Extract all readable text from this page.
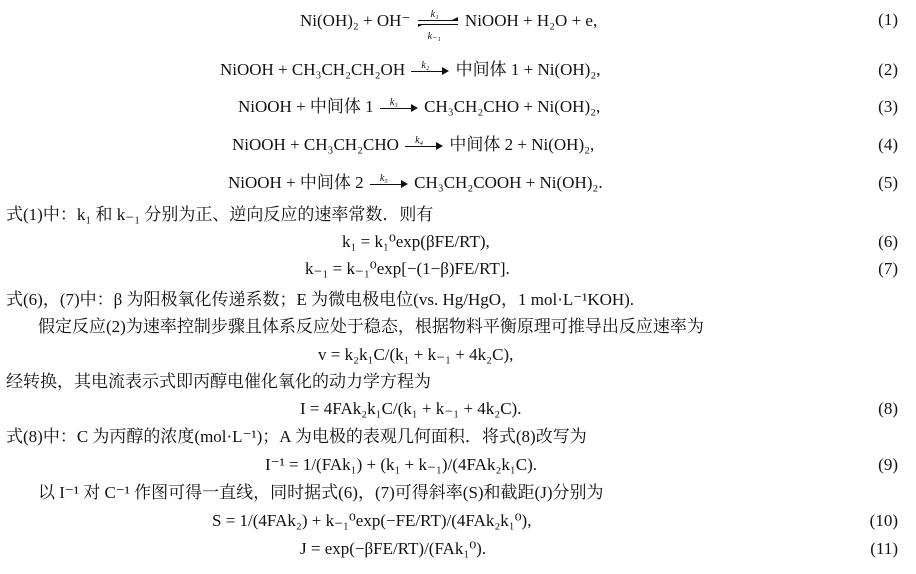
Ni(OH)₂ + OH⁻ k₁
k₋₁
NiOOH + H₂O + e,	(1)
NiOOH + CH₃CH₂CH₂OH k₂ 中间体 1 + Ni(OH)₂,	(2)
NiOOH + 中间体 1 k₃ CH₃CH₂CHO + Ni(OH)₂,	(3)
NiOOH + CH₃CH₂CHO k₄ 中间体 2 + Ni(OH)₂,	(4)
NiOOH + 中间体 2 k₅ CH₃CH₂COOH + Ni(OH)₂.	(5)
式(1)中：k₁ 和 k₋₁ 分别为正、逆向反应的速率常数．则有
k₁ = k₁⁰exp(βFE/RT),	(6)
k₋₁ = k₋₁⁰exp[−(1−β)FE/RT].	(7)
式(6)，(7)中：β 为阳极氧化传递系数；E 为微电极电位(vs. Hg/HgO，1 mol·L⁻¹KOH).
假定反应(2)为速率控制步骤且体系反应处于稳态，根据物料平衡原理可推导出反应速率为
v = k₂k₁C/(k₁ + k₋₁ + 4k₂C),
经转换，其电流表示式即丙醇电催化氧化的动力学方程为
I = 4FAk₂k₁C/(k₁ + k₋₁ + 4k₂C).	(8)
式(8)中：C 为丙醇的浓度(mol·L⁻¹)；A 为电极的表观几何面积．将式(8)改写为
I⁻¹ = 1/(FAk₁) + (k₁ + k₋₁)/(4FAk₂k₁C).	(9)
以 I⁻¹ 对 C⁻¹ 作图可得一直线，同时据式(6)，(7)可得斜率(S)和截距(J)分别为
S = 1/(4FAk₂) + k₋₁⁰exp(−FE/RT)/(4FAk₂k₁⁰),	(10)
J = exp(−βFE/RT)/(FAk₁⁰).	(11)
